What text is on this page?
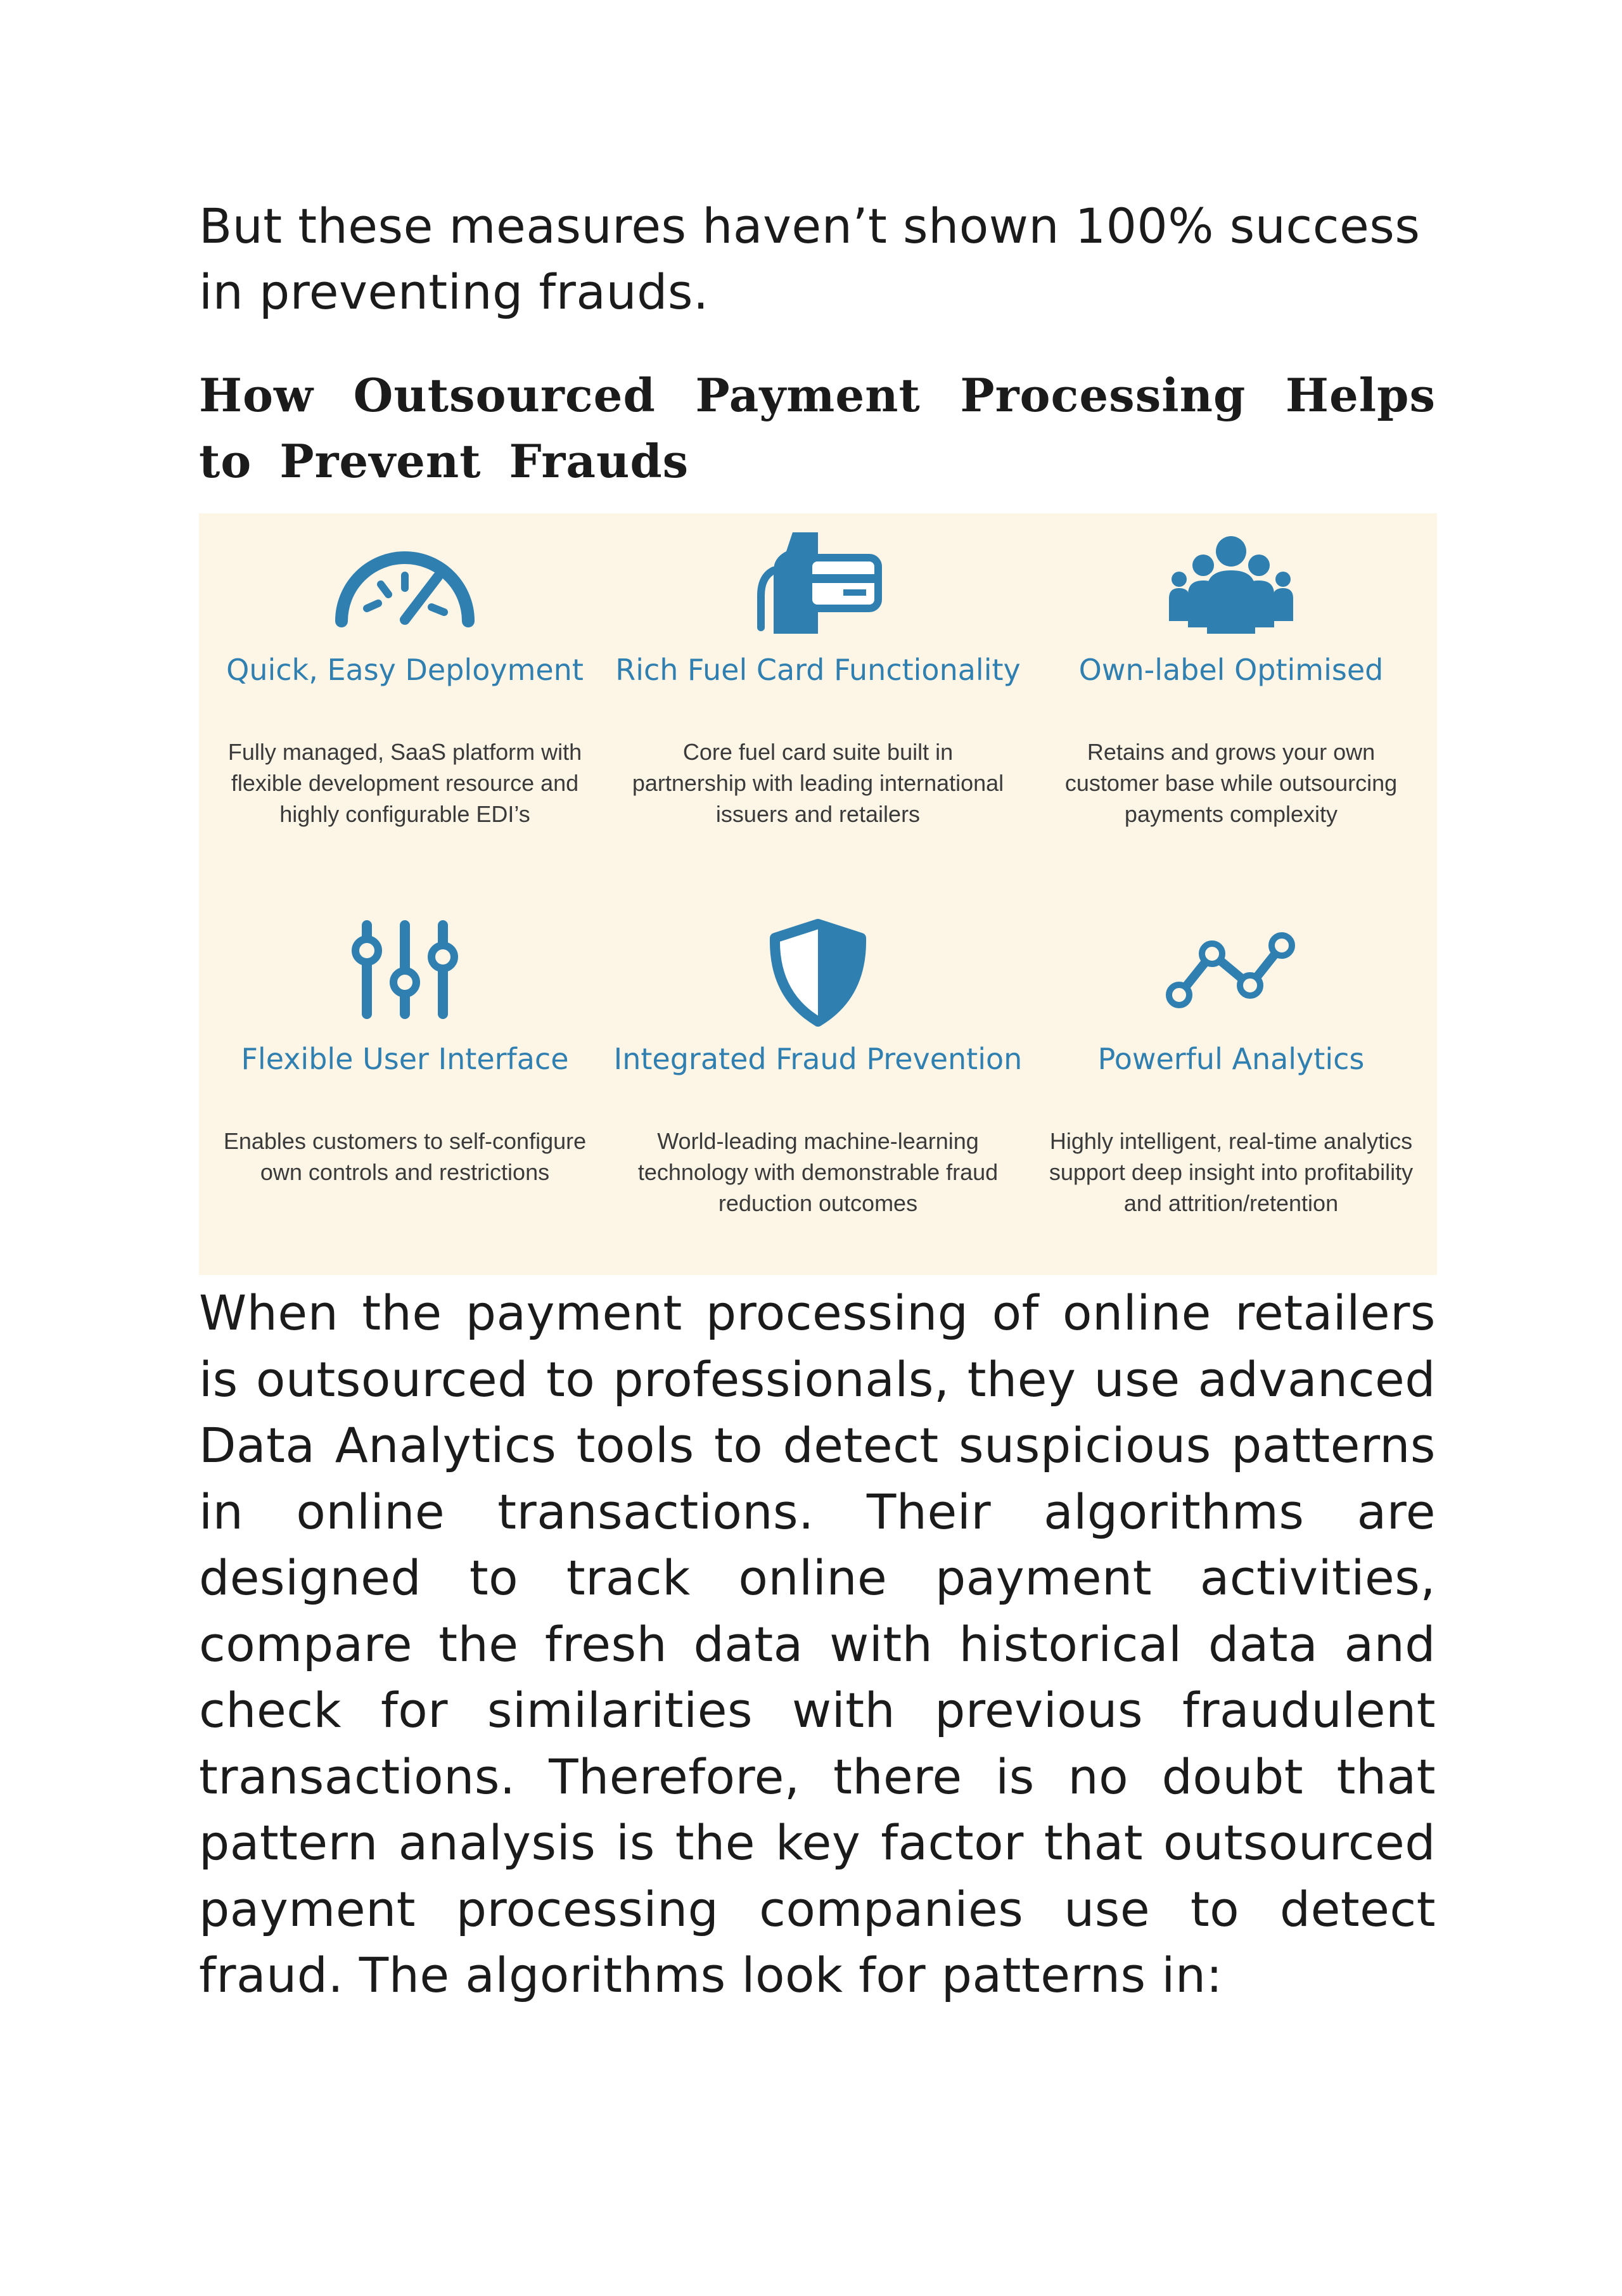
But these measures haven’t shown 100% success in preventing frauds.

How Outsourced Payment Processing Helps to Prevent Frauds

Quick, Easy Deployment

Fully managed, SaaS platform with flexible development resource and highly configurable EDI’s

Rich Fuel Card Functionality

Core fuel card suite built in partnership with leading international issuers and retailers

Own-label Optimised

Retains and grows your own customer base while outsourcing payments complexity

Flexible User Interface

Enables customers to self-configure own controls and restrictions

Integrated Fraud Prevention

World-leading machine-learning technology with demonstrable fraud reduction outcomes

Powerful Analytics

Highly intelligent, real-time analytics support deep insight into profitability and attrition/retention

When the payment processing of online retailers is outsourced to professionals, they use advanced Data Analytics tools to detect suspicious patterns in online transactions. Their algorithms are designed to track online payment activities, compare the fresh data with historical data and check for similarities with previous fraudulent transactions. Therefore, there is no doubt that pattern analysis is the key factor that outsourced payment processing companies use to detect fraud. The algorithms look for patterns in:
